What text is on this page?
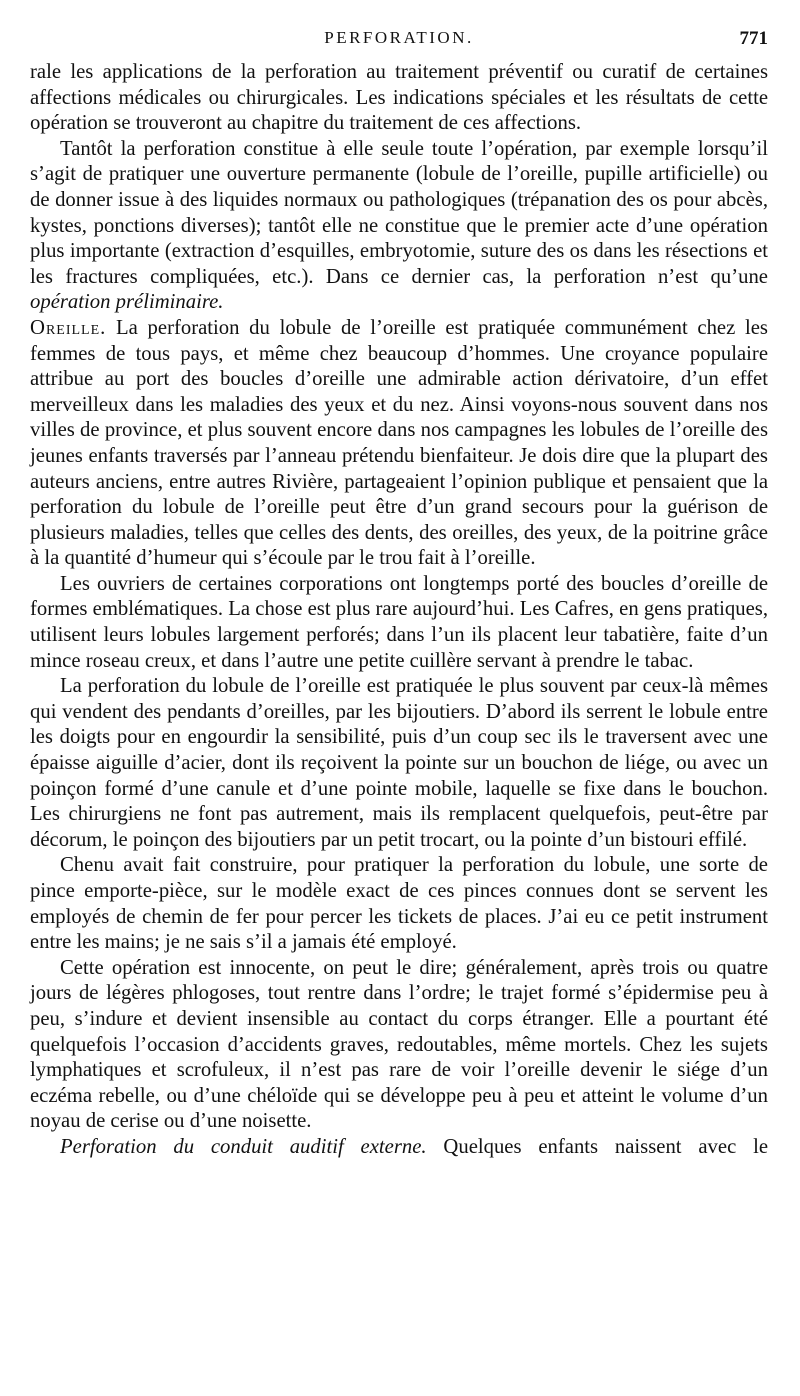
PERFORATION.	771

rale les applications de la perforation au traitement préventif ou curatif de certaines affections médicales ou chirurgicales. Les indications spéciales et les résultats de cette opération se trouveront au chapitre du traitement de ces affections.

Tantôt la perforation constitue à elle seule toute l’opération, par exemple lorsqu’il s’agit de pratiquer une ouverture permanente (lobule de l’oreille, pupille artificielle) ou de donner issue à des liquides normaux ou pathologiques (trépanation des os pour abcès, kystes, ponctions diverses); tantôt elle ne constitue que le premier acte d’une opération plus importante (extraction d’esquilles, embryotomie, suture des os dans les résections et les fractures compliquées, etc.). Dans ce dernier cas, la perforation n’est qu’une opération préliminaire.

Oreille. La perforation du lobule de l’oreille est pratiquée communément chez les femmes de tous pays, et même chez beaucoup d’hommes. Une croyance populaire attribue au port des boucles d’oreille une admirable action dérivatoire, d’un effet merveilleux dans les maladies des yeux et du nez. Ainsi voyons-nous souvent dans nos villes de province, et plus souvent encore dans nos campagnes les lobules de l’oreille des jeunes enfants traversés par l’anneau prétendu bienfaiteur. Je dois dire que la plupart des auteurs anciens, entre autres Rivière, partageaient l’opinion publique et pensaient que la perforation du lobule de l’oreille peut être d’un grand secours pour la guérison de plusieurs maladies, telles que celles des dents, des oreilles, des yeux, de la poitrine grâce à la quantité d’humeur qui s’écoule par le trou fait à l’oreille.

Les ouvriers de certaines corporations ont longtemps porté des boucles d’oreille de formes emblématiques. La chose est plus rare aujourd’hui. Les Cafres, en gens pratiques, utilisent leurs lobules largement perforés; dans l’un ils placent leur tabatière, faite d’un mince roseau creux, et dans l’autre une petite cuillère servant à prendre le tabac.

La perforation du lobule de l’oreille est pratiquée le plus souvent par ceux-là mêmes qui vendent des pendants d’oreilles, par les bijoutiers. D’abord ils serrent le lobule entre les doigts pour en engourdir la sensibilité, puis d’un coup sec ils le traversent avec une épaisse aiguille d’acier, dont ils reçoivent la pointe sur un bouchon de liége, ou avec un poinçon formé d’une canule et d’une pointe mobile, laquelle se fixe dans le bouchon. Les chirurgiens ne font pas autrement, mais ils remplacent quelquefois, peut-être par décorum, le poinçon des bijoutiers par un petit trocart, ou la pointe d’un bistouri effilé.

Chenu avait fait construire, pour pratiquer la perforation du lobule, une sorte de pince emporte-pièce, sur le modèle exact de ces pinces connues dont se servent les employés de chemin de fer pour percer les tickets de places. J’ai eu ce petit instrument entre les mains; je ne sais s’il a jamais été employé.

Cette opération est innocente, on peut le dire; généralement, après trois ou quatre jours de légères phlogoses, tout rentre dans l’ordre; le trajet formé s’épidermise peu à peu, s’indure et devient insensible au contact du corps étranger. Elle a pourtant été quelquefois l’occasion d’accidents graves, redoutables, même mortels. Chez les sujets lymphatiques et scrofuleux, il n’est pas rare de voir l’oreille devenir le siége d’un eczéma rebelle, ou d’une chéloïde qui se développe peu à peu et atteint le volume d’un noyau de cerise ou d’une noisette.

Perforation du conduit auditif externe. Quelques enfants naissent avec le
